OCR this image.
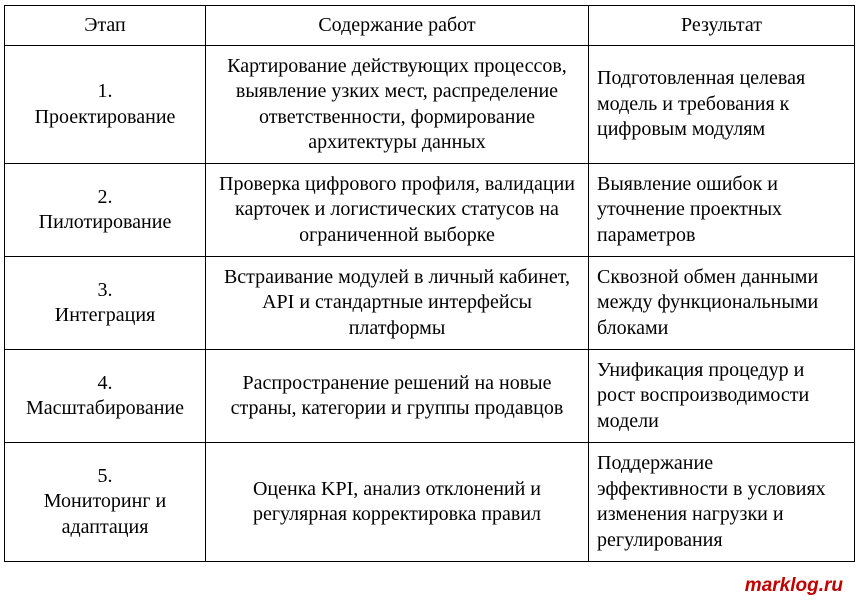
Этап	Содержание работ	Результат

1.
Проектирование	Картирование действующих процессов, выявление узких мест, распределение ответственности, формирование архитектуры данных	Подготовленная целевая модель и требования к цифровым модулям

2.
Пилотирование	Проверка цифрового профиля, валидации карточек и логистических статусов на ограниченной выборке	Выявление ошибок и уточнение проектных параметров

3.
Интеграция	Встраивание модулей в личный кабинет, API и стандартные интерфейсы платформы	Сквозной обмен данными между функциональными блоками

4.
Масштабирование	Распространение решений на новые страны, категории и группы продавцов	Унификация процедур и рост воспроизводимости модели

5.
Мониторинг и адаптация	Оценка KPI, анализ отклонений и регулярная корректировка правил	Поддержание эффективности в условиях изменения нагрузки и регулирования
marklog.ru
